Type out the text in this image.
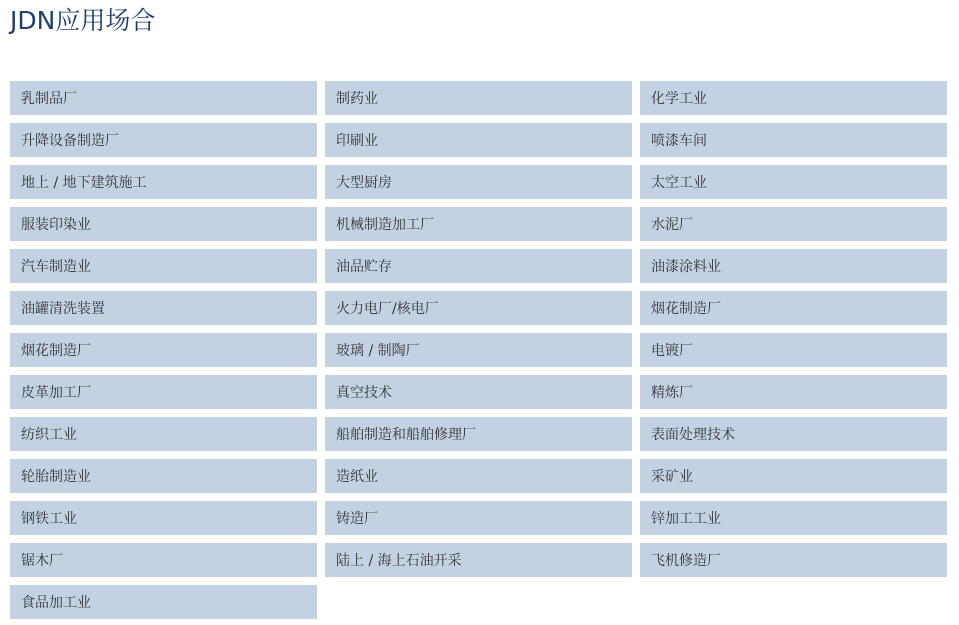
JDN应用场合
乳制品厂	制药业	化学工业
升降设备制造厂	印刷业	喷漆车间
地上 / 地下建筑施工	大型厨房	太空工业
服装印染业	机械制造加工厂	水泥厂
汽车制造业	油品贮存	油漆涂料业
油罐清洗装置	火力电厂/核电厂	烟花制造厂
烟花制造厂	玻璃 / 制陶厂	电镀厂
皮革加工厂	真空技术	精炼厂
纺织工业	船舶制造和船舶修理厂	表面处理技术
轮胎制造业	造纸业	采矿业
钢铁工业	铸造厂	锌加工工业
锯木厂	陆上 / 海上石油开采	飞机修造厂
食品加工业
